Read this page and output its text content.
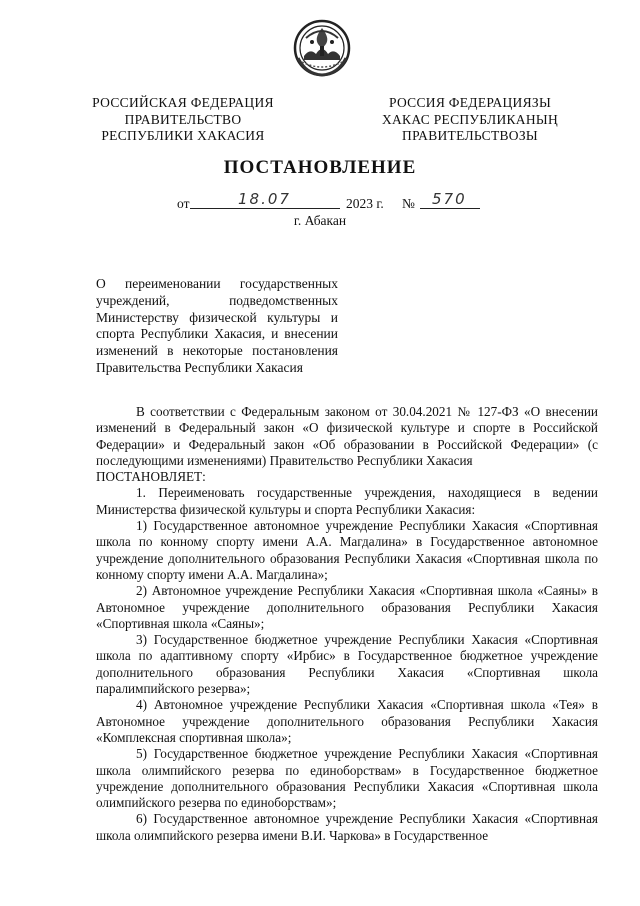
РОССИЙСКАЯ ФЕДЕРАЦИЯ
ПРАВИТЕЛЬСТВО
РЕСПУБЛИКИ ХАКАСИЯ
РОССИЯ ФЕДЕРАЦИЯЗЫ
ХАКАС РЕСПУБЛИКАНЫҢ
ПРАВИТЕЛЬСТВОЗЫ
ПОСТАНОВЛЕНИЕ
от	18.07	2023 г. № 570
г. Абакан
О переименовании государственных учреждений, подведомственных Министерству физической культуры и спорта Республики Хакасия, и внесении изменений в некоторые постановления Правительства Республики Хакасия

В соответствии с Федеральным законом от 30.04.2021 № 127-ФЗ «О внесении изменений в Федеральный закон «О физической культуре и спорте в Российской Федерации» и Федеральный закон «Об образовании в Российской Федерации» (с последующими изменениями) Правительство Республики Хакасия

ПОСТАНОВЛЯЕТ:

1. Переименовать государственные учреждения, находящиеся в ведении Министерства физической культуры и спорта Республики Хакасия:

1) Государственное автономное учреждение Республики Хакасия «Спортивная школа по конному спорту имени А.А. Магдалина» в Государственное автономное учреждение дополнительного образования Республики Хакасия «Спортивная школа по конному спорту имени А.А. Магдалина»;

2) Автономное учреждение Республики Хакасия «Спортивная школа «Саяны» в Автономное учреждение дополнительного образования Республики Хакасия «Спортивная школа «Саяны»;

3) Государственное бюджетное учреждение Республики Хакасия «Спортивная школа по адаптивному спорту «Ирбис» в Государственное бюджетное учреждение дополнительного образования Республики Хакасия «Спортивная школа паралимпийского резерва»;

4) Автономное учреждение Республики Хакасия «Спортивная школа «Тея» в Автономное учреждение дополнительного образования Республики Хакасия «Комплексная спортивная школа»;

5) Государственное бюджетное учреждение Республики Хакасия «Спортивная школа олимпийского резерва по единоборствам» в Государственное бюджетное учреждение дополнительного образования Республики Хакасия «Спортивная школа олимпийского резерва по единоборствам»;

6) Государственное автономное учреждение Республики Хакасия «Спортивная школа олимпийского резерва имени В.И. Чаркова» в Государственное
